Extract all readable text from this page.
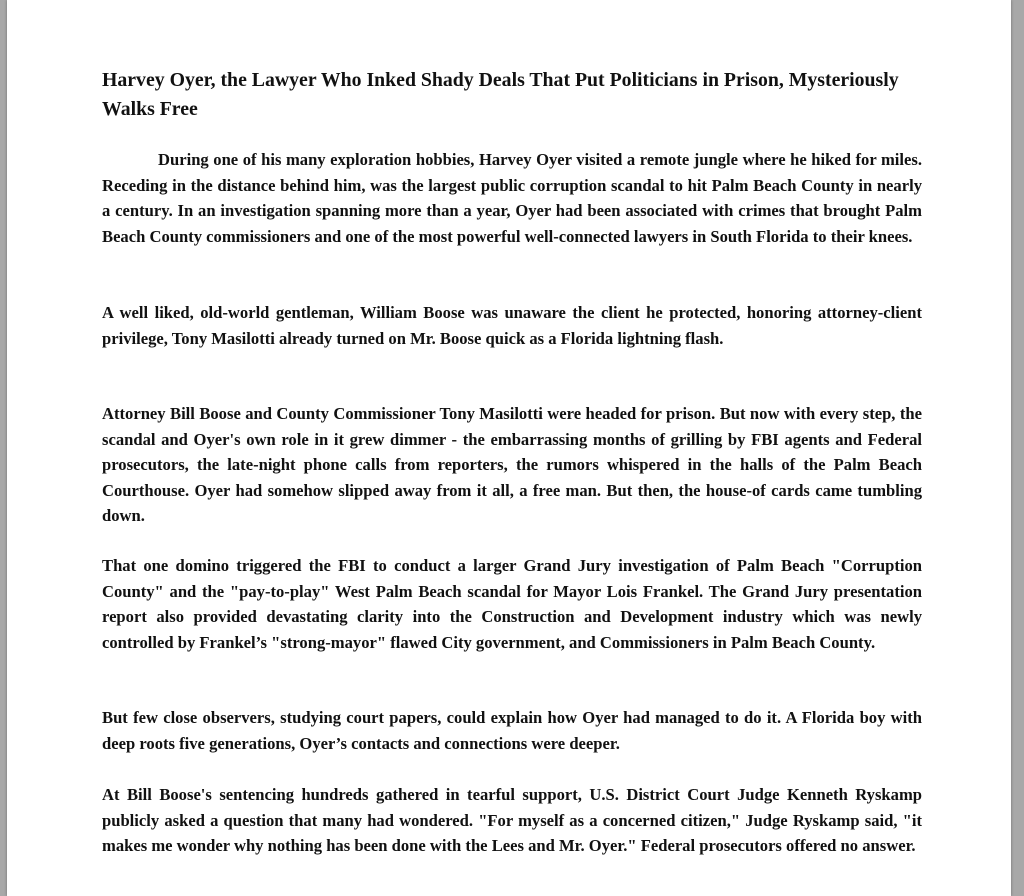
Harvey Oyer, the Lawyer Who Inked Shady Deals That Put Politicians in Prison, Mysteriously Walks Free

During one of his many exploration hobbies, Harvey Oyer visited a remote jungle where he hiked for miles. Receding in the distance behind him, was the largest public corruption scandal to hit Palm Beach County in nearly a century. In an investigation spanning more than a year, Oyer had been associated with crimes that brought Palm Beach County commissioners and one of the most powerful well-connected lawyers in South Florida to their knees.

A well liked, old-world gentleman, William Boose was unaware the client he protected, honoring attorney-client privilege, Tony Masilotti already turned on Mr. Boose quick as a Florida lightning flash.

Attorney Bill Boose and County Commissioner Tony Masilotti were headed for prison. But now with every step, the scandal and Oyer's own role in it grew dimmer - the embarrassing months of grilling by FBI agents and Federal prosecutors, the late-night phone calls from reporters, the rumors whispered in the halls of the Palm Beach Courthouse. Oyer had somehow slipped away from it all, a free man. But then, the house-of cards came tumbling down.

That one domino triggered the FBI to conduct a larger Grand Jury investigation of Palm Beach "Corruption County" and the "pay-to-play" West Palm Beach scandal for Mayor Lois Frankel. The Grand Jury presentation report also provided devastating clarity into the Construction and Development industry which was newly controlled by Frankel’s "strong-mayor" flawed City government, and Commissioners in Palm Beach County.

But few close observers, studying court papers, could explain how Oyer had managed to do it. A Florida boy with deep roots five generations, Oyer’s contacts and connections were deeper.

At Bill Boose's sentencing hundreds gathered in tearful support, U.S. District Court Judge Kenneth Ryskamp publicly asked a question that many had wondered. "For myself as a concerned citizen," Judge Ryskamp said, "it makes me wonder why nothing has been done with the Lees and Mr. Oyer." Federal prosecutors offered no answer.
